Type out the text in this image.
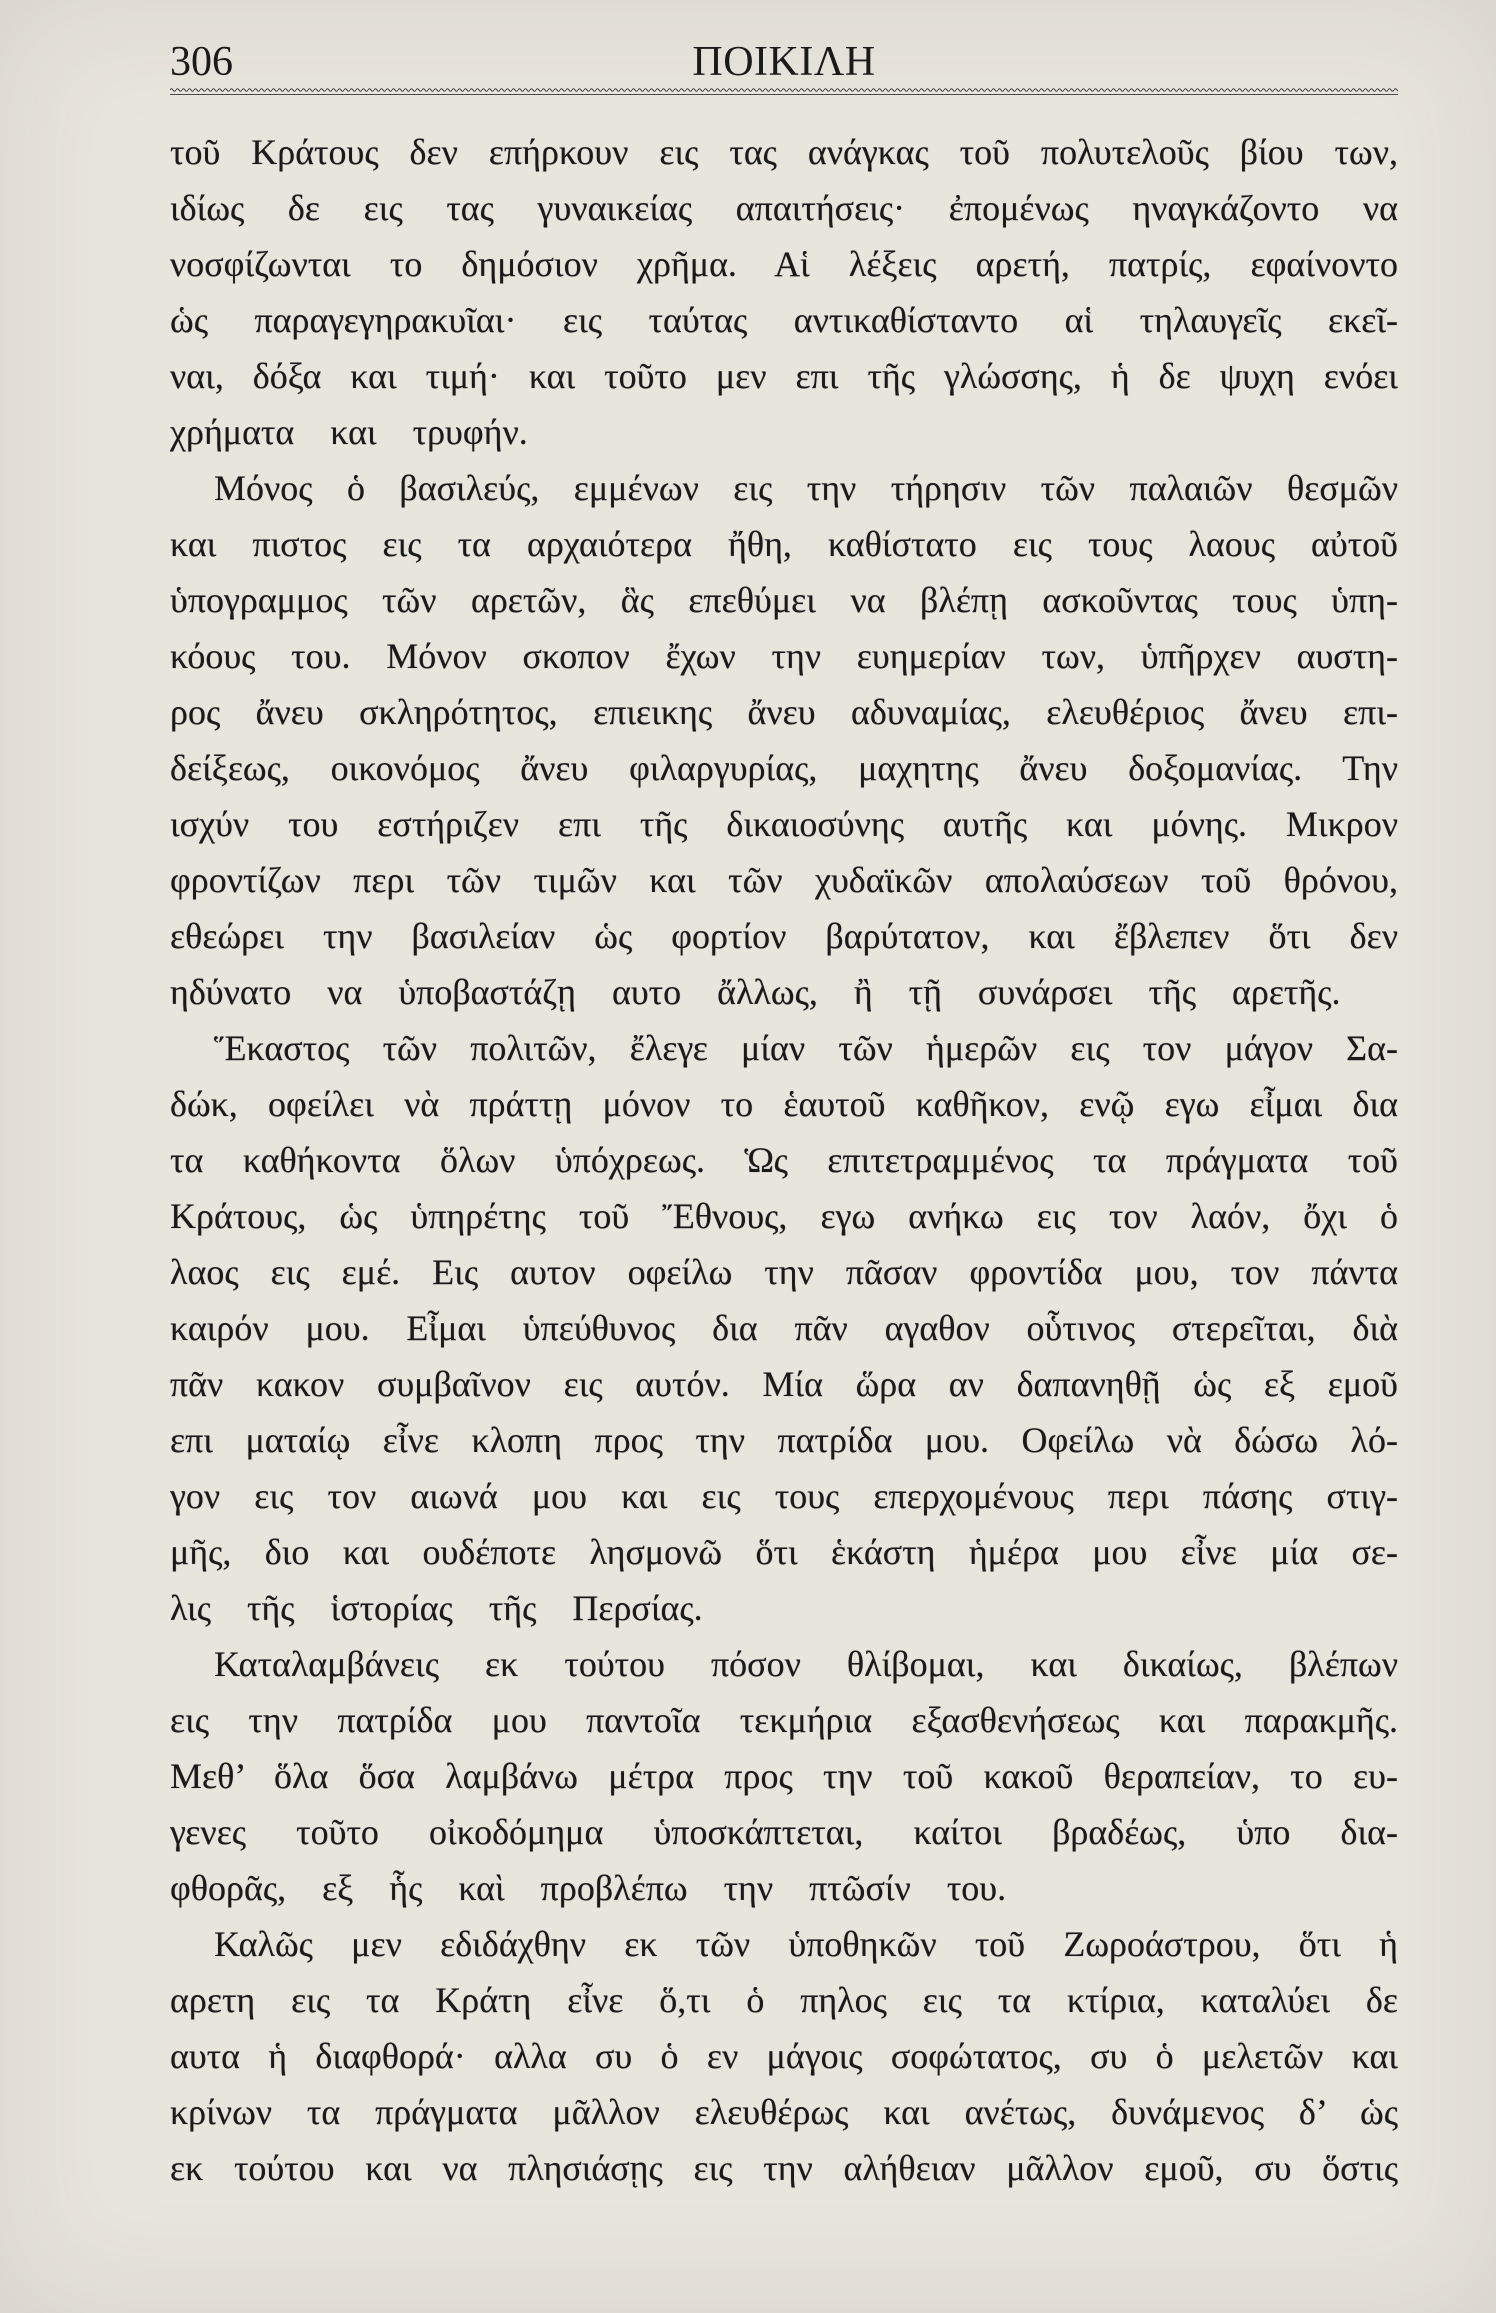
306	ΠΟΙΚΙΛΗ
τοῦ Κράτους δεν επήρκουν εις τας ανάγκας τοῦ πολυτελοῦς βίου των,
ιδίως δε εις τας γυναικείας απαιτήσεις· ἐπομένως ηναγκάζοντο να
νοσφίζωνται το δημόσιον χρῆμα. Αἱ λέξεις αρετή, πατρίς, εφαίνοντο
ὡς παραγεγηρακυῖαι· εις ταύτας αντικαθίσταντο αἱ τηλαυγεῖς εκεῖ-
ναι, δόξα και τιμή· και τοῦτο μεν επι τῆς γλώσσης, ἡ δε ψυχη ενόει
χρήματα και τρυφήν.
Μόνος ὁ βασιλεύς, εμμένων εις την τήρησιν τῶν παλαιῶν θεσμῶν
και πιστος εις τα αρχαιότερα ἤθη, καθίστατο εις τους λαους αὐτοῦ
ὑπογραμμος τῶν αρετῶν, ἃς επεθύμει να βλέπῃ ασκοῦντας τους ὑπη-
κόους του. Μόνον σκοπον ἔχων την ευημερίαν των, ὑπῆρχεν αυστη-
ρος ἄνευ σκληρότητος, επιεικης ἄνευ αδυναμίας, ελευθέριος ἄνευ επι-
δείξεως, οικονόμος ἄνευ φιλαργυρίας, μαχητης ἄνευ δοξομανίας. Την
ισχύν του εστήριζεν επι τῆς δικαιοσύνης αυτῆς και μόνης. Μικρον
φροντίζων περι τῶν τιμῶν και τῶν χυδαϊκῶν απολαύσεων τοῦ θρόνου,
εθεώρει την βασιλείαν ὡς φορτίον βαρύτατον, και ἔβλεπεν ὅτι δεν
ηδύνατο να ὑποβαστάζῃ αυτο ἄλλως, ἢ τῇ συνάρσει τῆς αρετῆς.
Ἕκαστος τῶν πολιτῶν, ἔλεγε μίαν τῶν ἡμερῶν εις τον μάγον Σα-
δώκ, οφείλει νὰ πράττῃ μόνον το ἑαυτοῦ καθῆκον, ενῷ εγω εἶμαι δια
τα καθήκοντα ὅλων ὑπόχρεως. Ὡς επιτετραμμένος τα πράγματα τοῦ
Κράτους, ὡς ὑπηρέτης τοῦ Ἔθνους, εγω ανήκω εις τον λαόν, ὄχι ὁ
λαος εις εμέ. Εις αυτον οφείλω την πᾶσαν φροντίδα μου, τον πάντα
καιρόν μου. Εἶμαι ὑπεύθυνος δια πᾶν αγαθον οὗτινος στερεῖται, διὰ
πᾶν κακον συμβαῖνον εις αυτόν. Μία ὥρα αν δαπανηθῇ ὡς εξ εμοῦ
επι ματαίῳ εἶνε κλοπη προς την πατρίδα μου. Οφείλω νὰ δώσω λό-
γον εις τον αιωνά μου και εις τους επερχομένους περι πάσης στιγ-
μῆς, διο και ουδέποτε λησμονῶ ὅτι ἑκάστη ἡμέρα μου εἶνε μία σε-
λις τῆς ἱστορίας τῆς Περσίας.
Καταλαμβάνεις εκ τούτου πόσον θλίβομαι, και δικαίως, βλέπων
εις την πατρίδα μου παντοῖα τεκμήρια εξασθενήσεως και παρακμῆς.
Μεθ’ ὅλα ὅσα λαμβάνω μέτρα προς την τοῦ κακοῦ θεραπείαν, το ευ-
γενες τοῦτο οἰκοδόμημα ὑποσκάπτεται, καίτοι βραδέως, ὑπο δια-
φθορᾶς, εξ ἧς καὶ προβλέπω την πτῶσίν του.
Καλῶς μεν εδιδάχθην εκ τῶν ὑποθηκῶν τοῦ Ζωροάστρου, ὅτι ἡ
αρετη εις τα Κράτη εἶνε ὅ,τι ὁ πηλος εις τα κτίρια, καταλύει δε
αυτα ἡ διαφθορά· αλλα συ ὁ εν μάγοις σοφώτατος, συ ὁ μελετῶν και
κρίνων τα πράγματα μᾶλλον ελευθέρως και ανέτως, δυνάμενος δ’ ὡς
εκ τούτου και να πλησιάσῃς εις την αλήθειαν μᾶλλον εμοῦ, συ ὅστις
